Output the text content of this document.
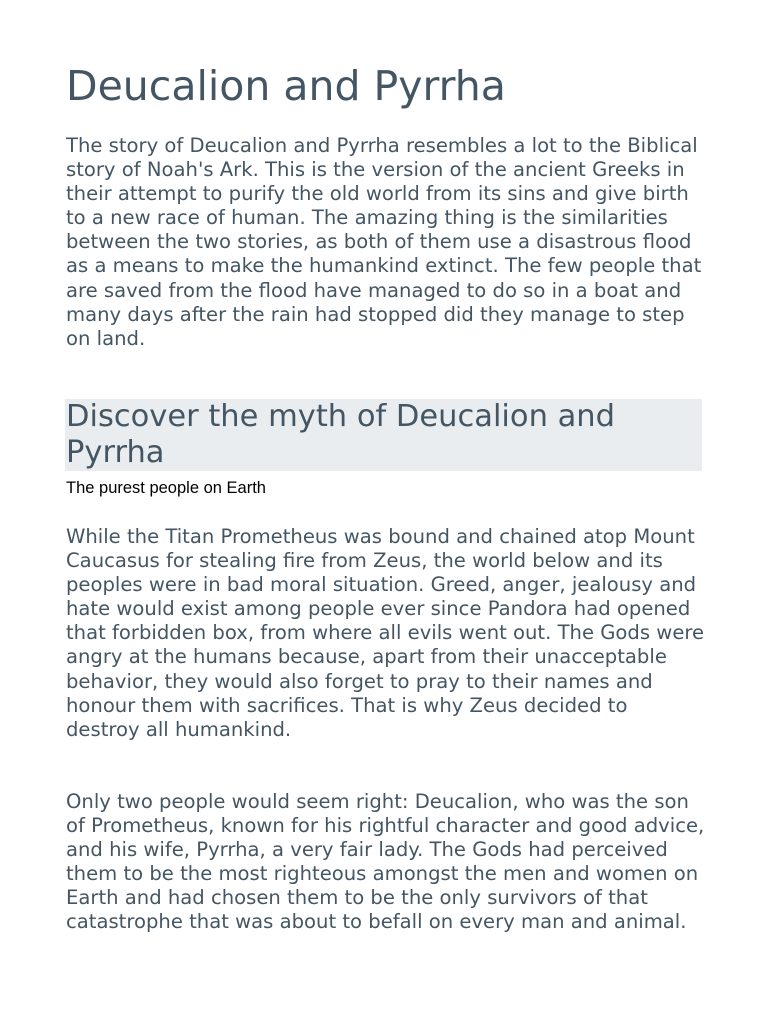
Deucalion and Pyrrha

The story of Deucalion and Pyrrha resembles a lot to the Biblical story of Noah's Ark. This is the version of the ancient Greeks in their attempt to purify the old world from its sins and give birth to a new race of human. The amazing thing is the similarities between the two stories, as both of them use a disastrous flood as a means to make the humankind extinct. The few people that are saved from the flood have managed to do so in a boat and many days after the rain had stopped did they manage to step on land.

Discover the myth of Deucalion and Pyrrha

The purest people on Earth

While the Titan Prometheus was bound and chained atop Mount Caucasus for stealing fire from Zeus, the world below and its peoples were in bad moral situation. Greed, anger, jealousy and hate would exist among people ever since Pandora had opened that forbidden box, from where all evils went out. The Gods were angry at the humans because, apart from their unacceptable behavior, they would also forget to pray to their names and honour them with sacrifices. That is why Zeus decided to destroy all humankind.

Only two people would seem right: Deucalion, who was the son of Prometheus, known for his rightful character and good advice, and his wife, Pyrrha, a very fair lady. The Gods had perceived them to be the most righteous amongst the men and women on Earth and had chosen them to be the only survivors of that catastrophe that was about to befall on every man and animal.
